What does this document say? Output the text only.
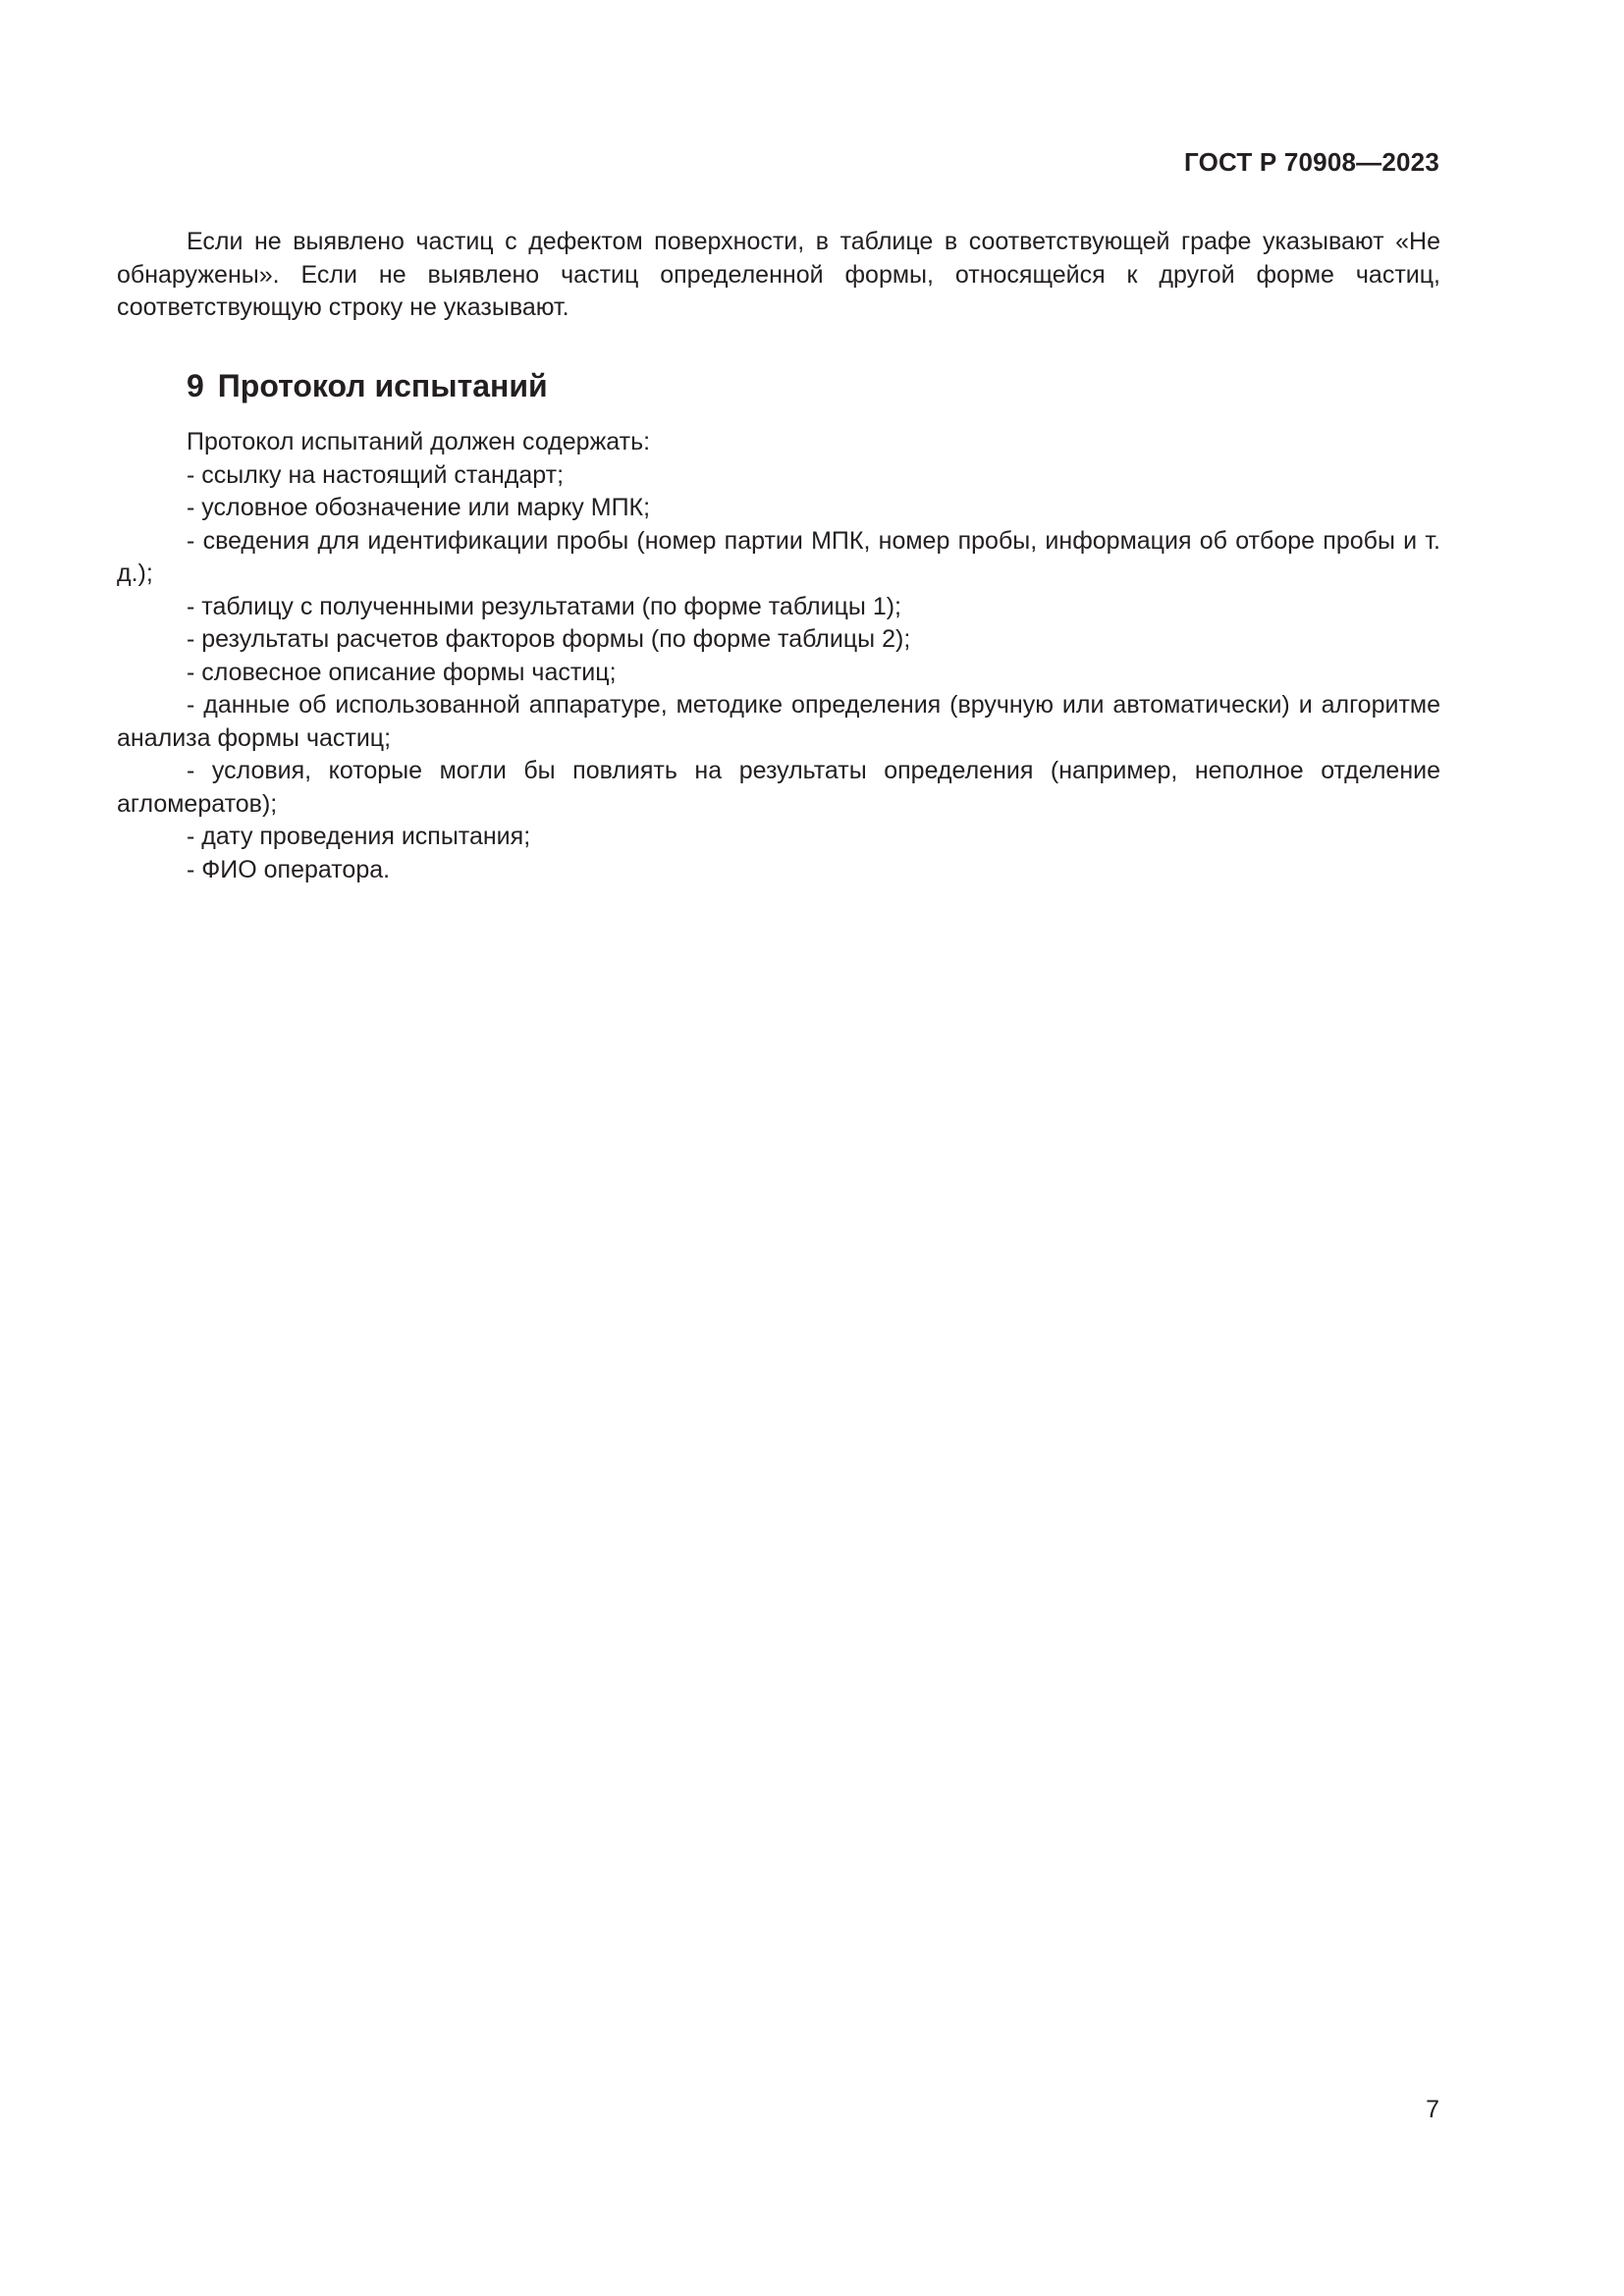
ГОСТ Р 70908—2023

Если не выявлено частиц с дефектом поверхности, в таблице в соответствующей графе указывают «Не обнаружены». Если не выявлено частиц определенной формы, относящейся к другой форме частиц, соответствующую строку не указывают.

9 Протокол испытаний
Протокол испытаний должен содержать:
- ссылку на настоящий стандарт;
- условное обозначение или марку МПК;
- сведения для идентификации пробы (номер партии МПК, номер пробы, информация об отборе пробы и т. д.);
- таблицу с полученными результатами (по форме таблицы 1);
- результаты расчетов факторов формы (по форме таблицы 2);
- словесное описание формы частиц;
- данные об использованной аппаратуре, методике определения (вручную или автоматически) и алгоритме анализа формы частиц;
- условия, которые могли бы повлиять на результаты определения (например, неполное отделение агломератов);
- дату проведения испытания;
- ФИО оператора.
7
